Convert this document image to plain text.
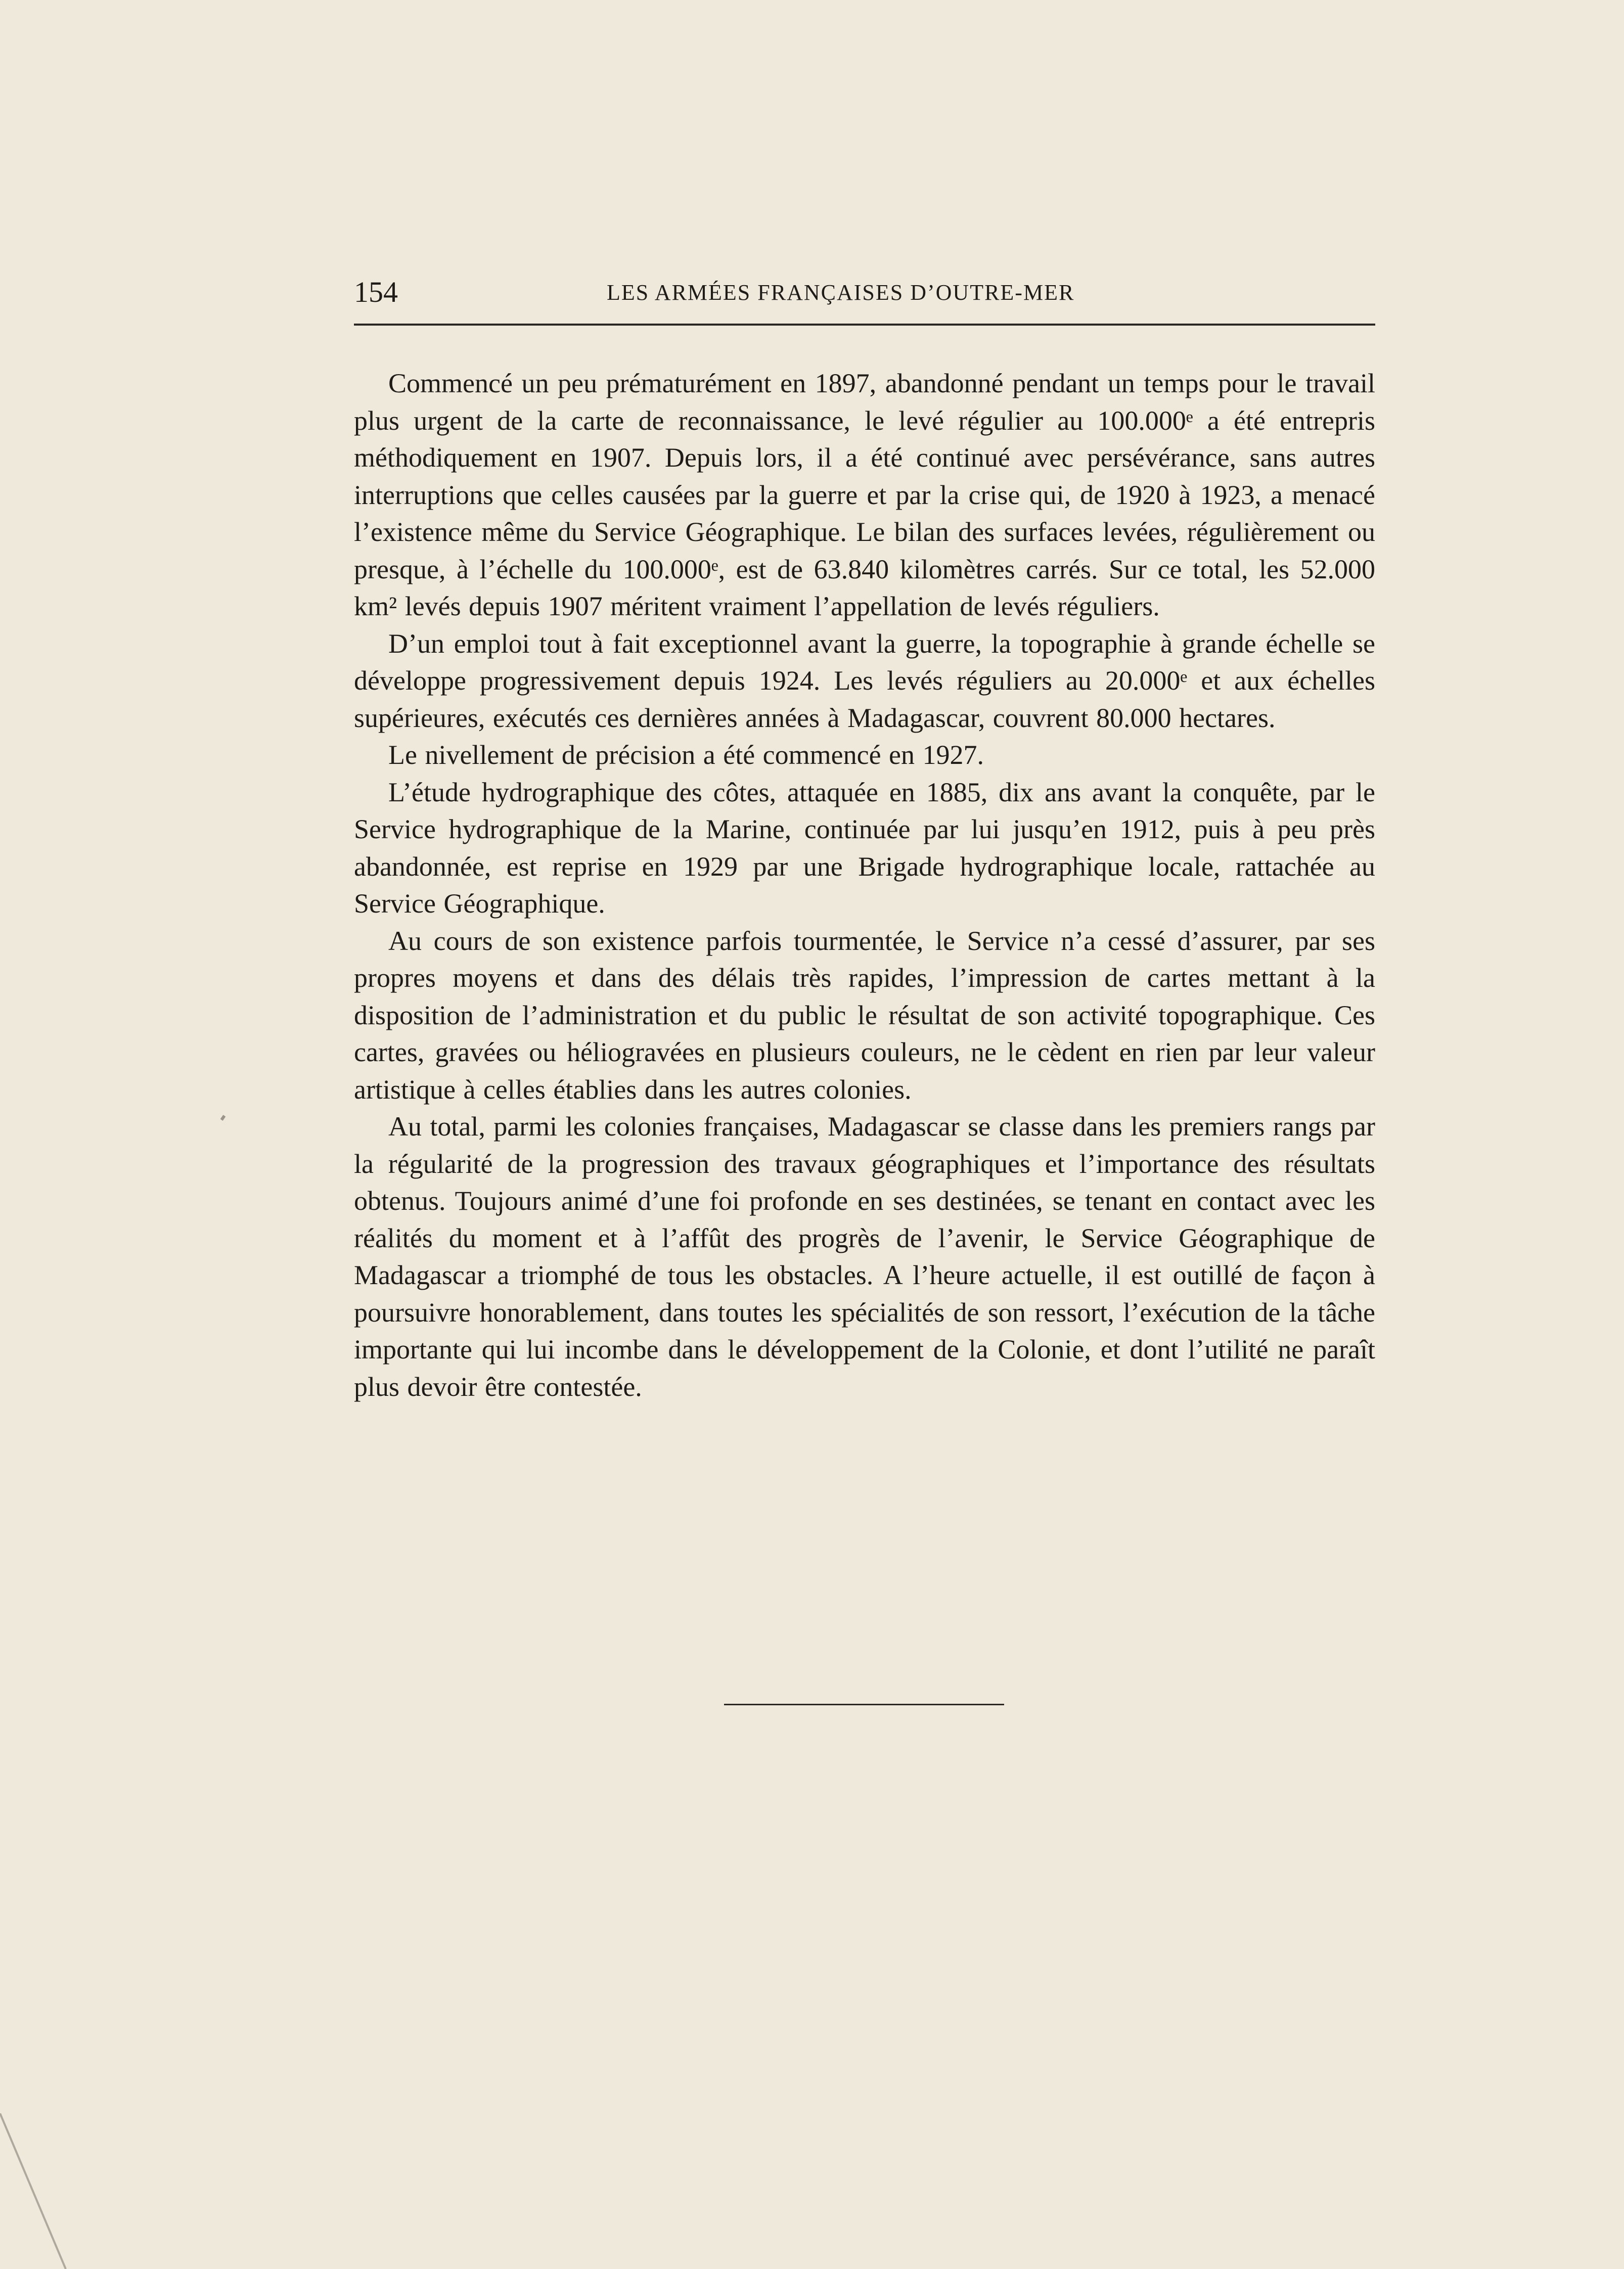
154	LES ARMÉES FRANÇAISES D’OUTRE-MER

Commencé un peu prématurément en 1897, abandonné pendant un temps pour le travail plus urgent de la carte de reconnaissance, le levé régulier au 100.000ᵉ a été entrepris méthodiquement en 1907. Depuis lors, il a été continué avec persévérance, sans autres interruptions que celles causées par la guerre et par la crise qui, de 1920 à 1923, a menacé l’existence même du Service Géographique. Le bilan des surfaces levées, régulièrement ou presque, à l’échelle du 100.000ᵉ, est de 63.840 kilomètres carrés. Sur ce total, les 52.000 km² levés depuis 1907 méritent vraiment l’appellation de levés réguliers.

D’un emploi tout à fait exceptionnel avant la guerre, la topographie à grande échelle se développe progressivement depuis 1924. Les levés réguliers au 20.000ᵉ et aux échelles supérieures, exécutés ces dernières années à Madagascar, couvrent 80.000 hectares.

Le nivellement de précision a été commencé en 1927.

L’étude hydrographique des côtes, attaquée en 1885, dix ans avant la conquête, par le Service hydrographique de la Marine, continuée par lui jusqu’en 1912, puis à peu près abandonnée, est reprise en 1929 par une Brigade hydrographique locale, rattachée au Service Géographique.

Au cours de son existence parfois tourmentée, le Service n’a cessé d’assurer, par ses propres moyens et dans des délais très rapides, l’impression de cartes mettant à la disposition de l’administration et du public le résultat de son activité topographique. Ces cartes, gravées ou héliogravées en plusieurs couleurs, ne le cèdent en rien par leur valeur artistique à celles établies dans les autres colonies.

Au total, parmi les colonies françaises, Madagascar se classe dans les premiers rangs par la régularité de la progression des travaux géographiques et l’importance des résultats obtenus. Toujours animé d’une foi profonde en ses destinées, se tenant en contact avec les réalités du moment et à l’affût des progrès de l’avenir, le Service Géographique de Madagascar a triomphé de tous les obstacles. A l’heure actuelle, il est outillé de façon à poursuivre honorablement, dans toutes les spécialités de son ressort, l’exécution de la tâche importante qui lui incombe dans le développement de la Colonie, et dont l’utilité ne paraît plus devoir être contestée.
